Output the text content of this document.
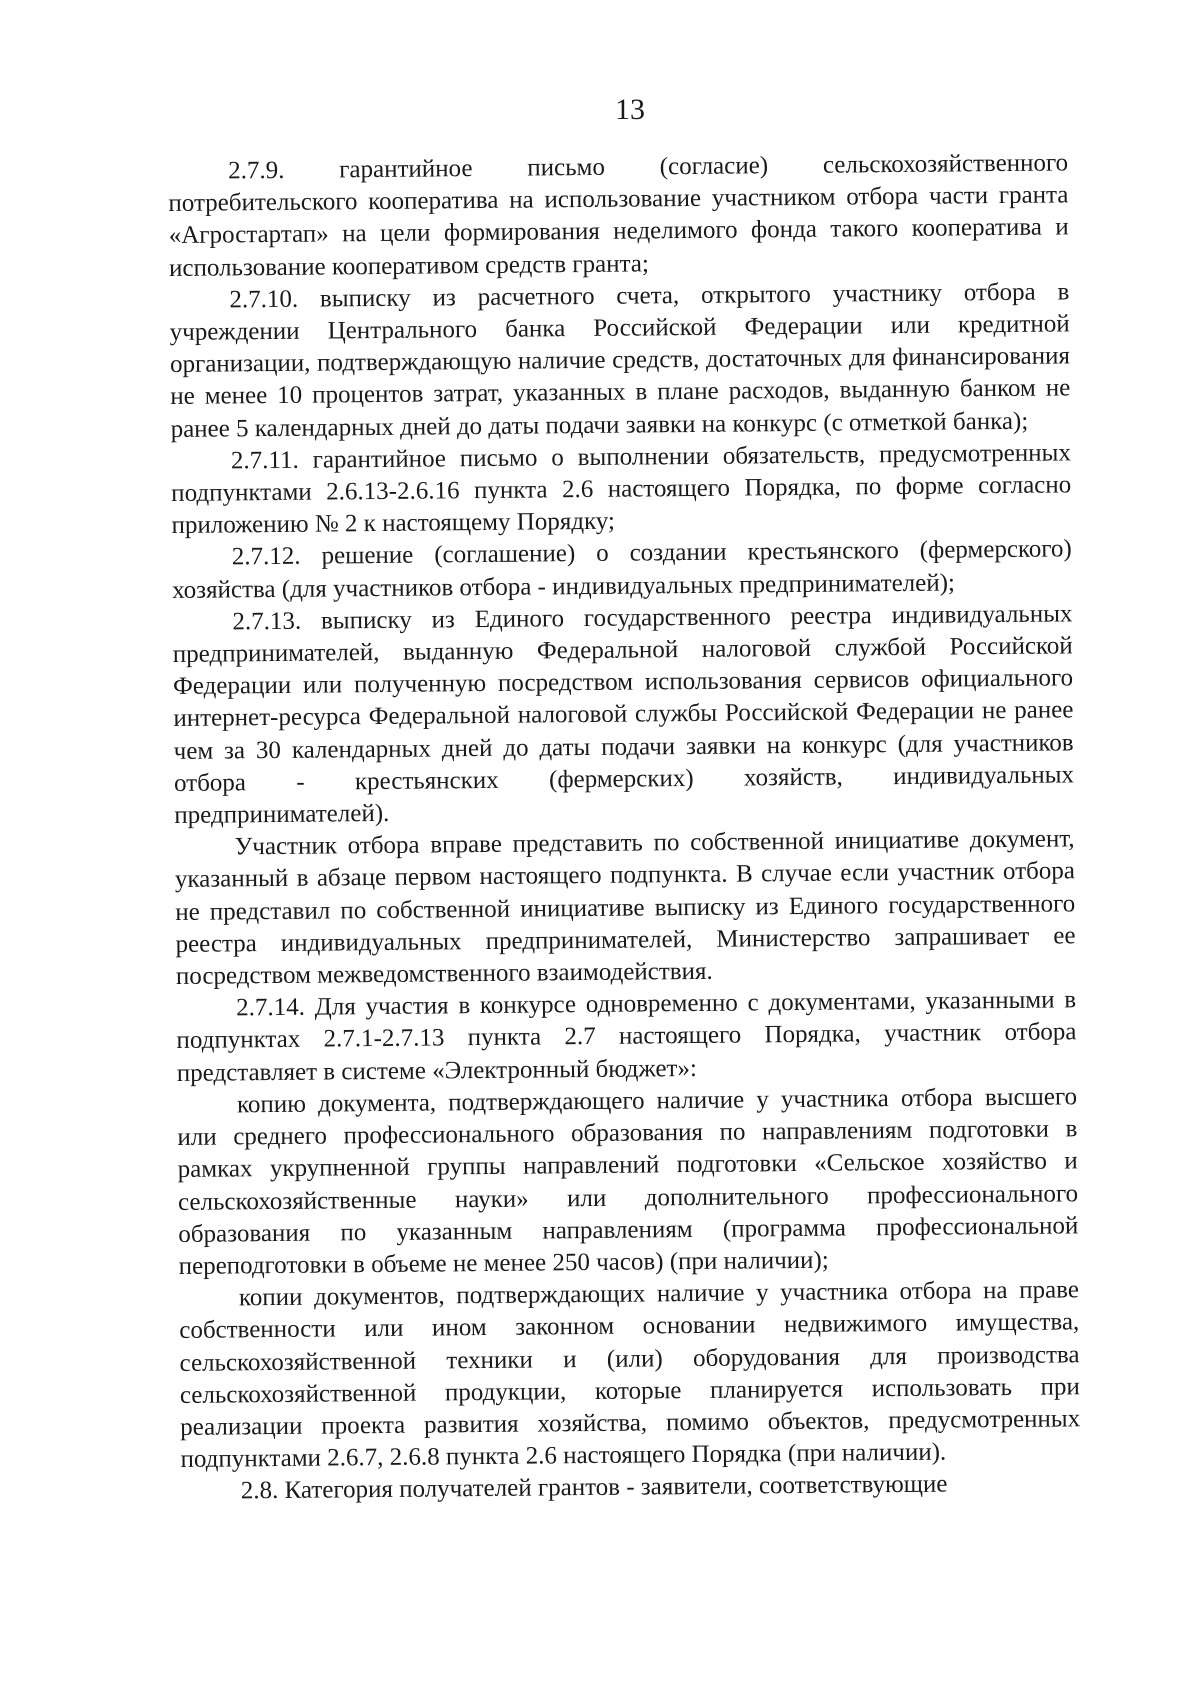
13

2.7.9. гарантийное письмо (согласие) сельскохозяйственного потребительского кооператива на использование участником отбора части гранта «Агростартап» на цели формирования неделимого фонда такого кооператива и использование кооперативом средств гранта;

2.7.10. выписку из расчетного счета, открытого участнику отбора в учреждении Центрального банка Российской Федерации или кредитной организации, подтверждающую наличие средств, достаточных для финансирования не менее 10 процентов затрат, указанных в плане расходов, выданную банком не ранее 5 календарных дней до даты подачи заявки на конкурс (с отметкой банка);

2.7.11. гарантийное письмо о выполнении обязательств, предусмотренных подпунктами 2.6.13-2.6.16 пункта 2.6 настоящего Порядка, по форме согласно приложению № 2 к настоящему Порядку;

2.7.12. решение (соглашение) о создании крестьянского (фермерского) хозяйства (для участников отбора - индивидуальных предпринимателей);

2.7.13. выписку из Единого государственного реестра индивидуальных предпринимателей, выданную Федеральной налоговой службой Российской Федерации или полученную посредством использования сервисов официального интернет-ресурса Федеральной налоговой службы Российской Федерации не ранее чем за 30 календарных дней до даты подачи заявки на конкурс (для участников отбора - крестьянских (фермерских) хозяйств, индивидуальных предпринимателей).

Участник отбора вправе представить по собственной инициативе документ, указанный в абзаце первом настоящего подпункта. В случае если участник отбора не представил по собственной инициативе выписку из Единого государственного реестра индивидуальных предпринимателей, Министерство запрашивает ее посредством межведомственного взаимодействия.

2.7.14. Для участия в конкурсе одновременно с документами, указанными в подпунктах 2.7.1-2.7.13 пункта 2.7 настоящего Порядка, участник отбора представляет в системе «Электронный бюджет»:

копию документа, подтверждающего наличие у участника отбора высшего или среднего профессионального образования по направлениям подготовки в рамках укрупненной группы направлений подготовки «Сельское хозяйство и сельскохозяйственные науки» или дополнительного профессионального образования по указанным направлениям (программа профессиональной переподготовки в объеме не менее 250 часов) (при наличии);

копии документов, подтверждающих наличие у участника отбора на праве собственности или ином законном основании недвижимого имущества, сельскохозяйственной техники и (или) оборудования для производства сельскохозяйственной продукции, которые планируется использовать при реализации проекта развития хозяйства, помимо объектов, предусмотренных подпунктами 2.6.7, 2.6.8 пункта 2.6 настоящего Порядка (при наличии).

2.8. Категория получателей грантов - заявители, соответствующие
